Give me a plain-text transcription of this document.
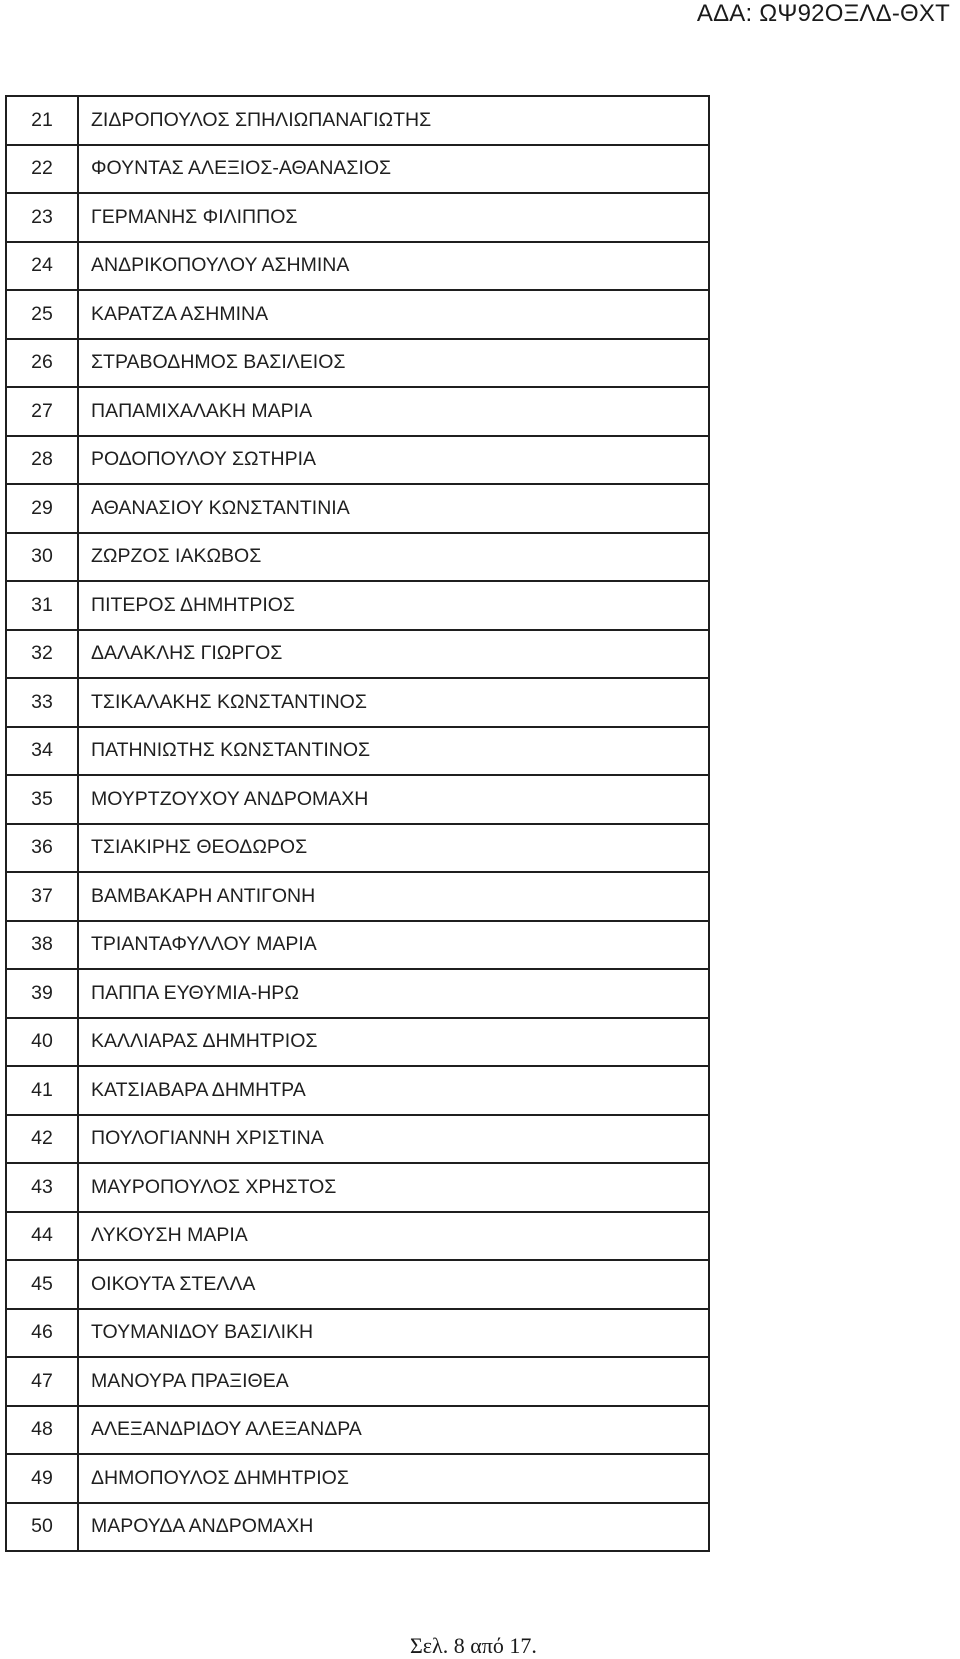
ΑΔΑ: ΩΨ92ΟΞΛΔ-ΘΧΤ
21	ΖΙΔΡΟΠΟΥΛΟΣ ΣΠΗΛΙΩΠΑΝΑΓΙΩΤΗΣ
22	ΦΟΥΝΤΑΣ ΑΛΕΞΙΟΣ-ΑΘΑΝΑΣΙΟΣ
23	ΓΕΡΜΑΝΗΣ ΦΙΛΙΠΠΟΣ
24	ΑΝΔΡΙΚΟΠΟΥΛΟΥ ΑΣΗΜΙΝΑ
25	ΚΑΡΑΤΖΑ ΑΣΗΜΙΝΑ
26	ΣΤΡΑΒΟΔΗΜΟΣ ΒΑΣΙΛΕΙΟΣ
27	ΠΑΠΑΜΙΧΑΛΑΚΗ ΜΑΡΙΑ
28	ΡΟΔΟΠΟΥΛΟΥ ΣΩΤΗΡΙΑ
29	ΑΘΑΝΑΣΙΟΥ ΚΩΝΣΤΑΝΤΙΝΙΑ
30	ΖΩΡΖΟΣ ΙΑΚΩΒΟΣ
31	ΠΙΤΕΡΟΣ ΔΗΜΗΤΡΙΟΣ
32	ΔΑΛΑΚΛΗΣ ΓΙΩΡΓΟΣ
33	ΤΣΙΚΑΛΑΚΗΣ ΚΩΝΣΤΑΝΤΙΝΟΣ
34	ΠΑΤΗΝΙΩΤΗΣ ΚΩΝΣΤΑΝΤΙΝΟΣ
35	ΜΟΥΡΤΖΟΥΧΟΥ ΑΝΔΡΟΜΑΧΗ
36	ΤΣΙΑΚΙΡΗΣ ΘΕΟΔΩΡΟΣ
37	ΒΑΜΒΑΚΑΡΗ ΑΝΤΙΓΟΝΗ
38	ΤΡΙΑΝΤΑΦΥΛΛΟΥ ΜΑΡΙΑ
39	ΠΑΠΠΑ ΕΥΘΥΜΙΑ-ΗΡΩ
40	ΚΑΛΛΙΑΡΑΣ ΔΗΜΗΤΡΙΟΣ
41	ΚΑΤΣΙΑΒΑΡΑ ΔΗΜΗΤΡΑ
42	ΠΟΥΛΟΓΙΑΝΝΗ ΧΡΙΣΤΙΝΑ
43	ΜΑΥΡΟΠΟΥΛΟΣ ΧΡΗΣΤΟΣ
44	ΛΥΚΟΥΣΗ ΜΑΡΙΑ
45	ΟΙΚΟΥΤΑ ΣΤΕΛΛΑ
46	ΤΟΥΜΑΝΙΔΟΥ ΒΑΣΙΛΙΚΗ
47	ΜΑΝΟΥΡΑ ΠΡΑΞΙΘΕΑ
48	ΑΛΕΞΑΝΔΡΙΔΟΥ ΑΛΕΞΑΝΔΡΑ
49	ΔΗΜΟΠΟΥΛΟΣ ΔΗΜΗΤΡΙΟΣ
50	ΜΑΡΟΥΔΑ ΑΝΔΡΟΜΑΧΗ
Σελ. 8 από 17.
